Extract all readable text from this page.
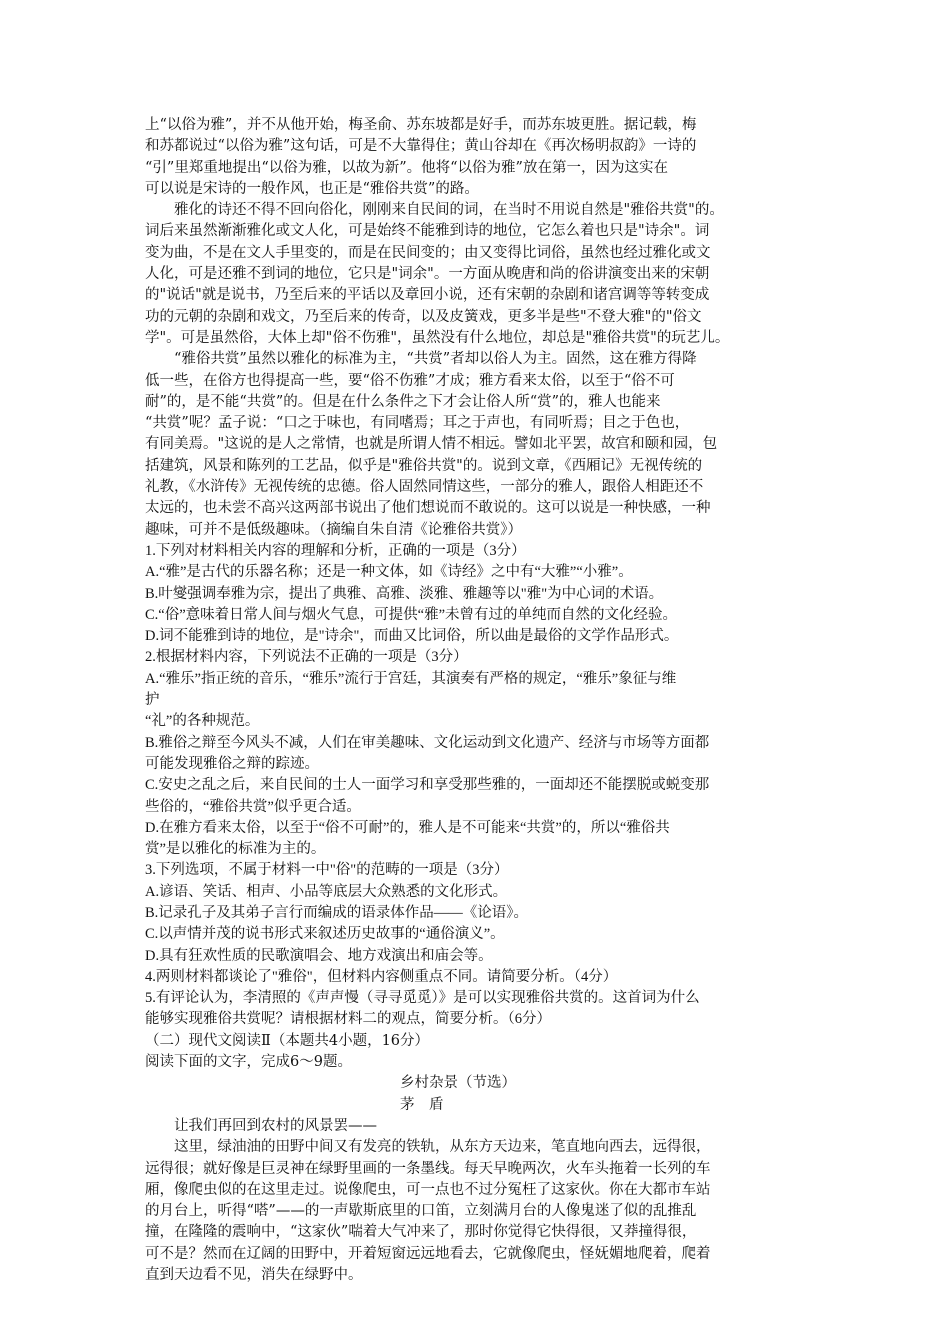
上“以俗为雅”，并不从他开始，梅圣俞、苏东坡都是好手，而苏东坡更胜。据记载，梅
和苏都说过“以俗为雅”这句话，可是不大靠得住；黄山谷却在《再次杨明叔韵》一诗的
“引”里郑重地提出“以俗为雅，以故为新”。他将“以俗为雅”放在第一，因为这实在
可以说是宋诗的一般作风，也正是“雅俗共赏”的路。
雅化的诗还不得不回向俗化，刚刚来自民间的词，在当时不用说自然是"雅俗共赏"的。
词后来虽然渐渐雅化或文人化，可是始终不能雅到诗的地位，它怎么着也只是"诗余"。词
变为曲，不是在文人手里变的，而是在民间变的；由又变得比词俗，虽然也经过雅化或文
人化，可是还雅不到词的地位，它只是"词余"。一方面从晚唐和尚的俗讲演变出来的宋朝
的"说话"就是说书，乃至后来的平话以及章回小说，还有宋朝的杂剧和诸宫调等等转变成
功的元朝的杂剧和戏文，乃至后来的传奇，以及皮簧戏，更多半是些"不登大雅"的"俗文
学"。可是虽然俗，大体上却"俗不伤雅"，虽然没有什么地位，却总是"雅俗共赏"的玩艺儿。
“雅俗共赏”虽然以雅化的标准为主，“共赏”者却以俗人为主。固然，这在雅方得降
低一些，在俗方也得提高一些，要“俗不伤雅”才成；雅方看来太俗，以至于“俗不可
耐”的，是不能“共赏”的。但是在什么条件之下才会让俗人所“赏”的，雅人也能来
“共赏”呢？孟子说：“口之于味也，有同嗜焉；耳之于声也，有同听焉；目之于色也，
有同美焉。"这说的是人之常情，也就是所谓人情不相远。譬如北平罢，故宫和颐和园，包
括建筑，风景和陈列的工艺品，似乎是"雅俗共赏"的。说到文章，《西厢记》无视传统的
礼教，《水浒传》无视传统的忠德。俗人固然同情这些，一部分的雅人，跟俗人相距还不
太远的，也未尝不高兴这两部书说出了他们想说而不敢说的。这可以说是一种快感，一种
趣味，可并不是低级趣味。（摘编自朱自清《论雅俗共赏》）
1.下列对材料相关内容的理解和分析，正确的一项是（3分）
A.“雅”是古代的乐器名称；还是一种文体，如《诗经》之中有“大雅”“小雅”。
B.叶燮强调奉雅为宗，提出了典雅、高雅、淡雅、雅趣等以"雅"为中心词的术语。
C.“俗”意味着日常人间与烟火气息，可提供“雅”未曾有过的单纯而自然的文化经验。
D.词不能雅到诗的地位，是"诗余"，而曲又比词俗，所以曲是最俗的文学作品形式。
2.根据材料内容，下列说法不正确的一项是（3分）
A.“雅乐”指正统的音乐，“雅乐”流行于宫廷，其演奏有严格的规定，“雅乐”象征与维
护
“礼”的各种规范。
B.雅俗之辩至今风头不减，人们在审美趣味、文化运动到文化遗产、经济与市场等方面都
可能发现雅俗之辩的踪迹。
C.安史之乱之后，来自民间的士人一面学习和享受那些雅的，一面却还不能摆脱或蜕变那
些俗的，“雅俗共赏”似乎更合适。
D.在雅方看来太俗，以至于“俗不可耐”的，雅人是不可能来“共赏”的，所以“雅俗共
赏”是以雅化的标准为主的。
3.下列选项，不属于材料一中"俗"的范畴的一项是（3分）
A.谚语、笑话、相声、小品等底层大众熟悉的文化形式。
B.记录孔子及其弟子言行而编成的语录体作品——《论语》。
C.以声情并茂的说书形式来叙述历史故事的“通俗演义”。
D.具有狂欢性质的民歌演唱会、地方戏演出和庙会等。
4.两则材料都谈论了"雅俗"，但材料内容侧重点不同。请简要分析。（4分）
5.有评论认为，李清照的《声声慢（寻寻觅觅）》是可以实现雅俗共赏的。这首词为什么
能够实现雅俗共赏呢？请根据材料二的观点，简要分析。（6分）
（二）现代文阅读Ⅱ（本题共4小题，16分）
阅读下面的文字，完成6～9题。
乡村杂景（节选）
茅　盾
让我们再回到农村的风景罢——
这里，绿油油的田野中间又有发亮的铁轨，从东方天边来，笔直地向西去，远得很，
远得很；就好像是巨灵神在绿野里画的一条墨线。每天早晚两次，火车头拖着一长列的车
厢，像爬虫似的在这里走过。说像爬虫，可一点也不过分冤枉了这家伙。你在大都市车站
的月台上，听得“嗒”——的一声歇斯底里的口笛，立刻满月台的人像鬼迷了似的乱推乱
撞，在隆隆的震响中，“这家伙”喘着大气冲来了，那时你觉得它快得很，又莽撞得很，
可不是？然而在辽阔的田野中，开着短窗远远地看去，它就像爬虫，怪妩媚地爬着，爬着
直到天边看不见，消失在绿野中。
